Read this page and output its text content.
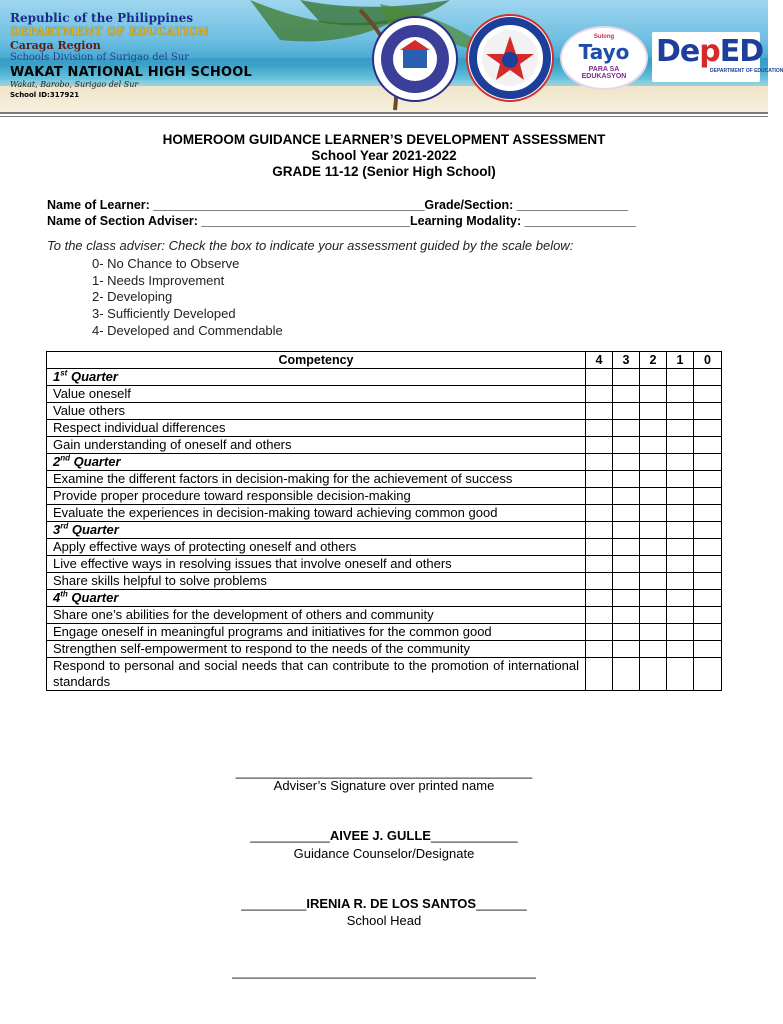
Republic of the Philippines
DEPARTMENT OF EDUCATION
Caraga Region
Schools Division of Surigao del Sur
WAKAT NATIONAL HIGH SCHOOL
Wakat, Barobo, Surigao del Sur
School ID:317921
Sulong
Tayo
PARA SA
EDUKASYON
DepED
DEPARTMENT OF EDUCATION
HOMEROOM GUIDANCE LEARNER’S DEVELOPMENT ASSESSMENT
School Year 2021-2022
GRADE 11-12 (Senior High School)
Name of Learner: _______________________________________Grade/Section: ________________
Name of Section Adviser: ______________________________Learning Modality: ________________
To the class adviser: Check the box to indicate your assessment guided by the scale below:
0- No Chance to Observe
1- Needs Improvement
2- Developing
3- Sufficiently Developed
4- Developed and Commendable
Competency	4	3	2	1	0
1st Quarter					
Value oneself					
Value others					
Respect individual differences					
Gain understanding of oneself and others					
2nd Quarter					
Examine the different factors in decision-making for the achievement of success					
Provide proper procedure toward responsible decision-making					
Evaluate the experiences in decision-making toward achieving common good					
3rd Quarter					
Apply effective ways of protecting oneself and others					
Live effective ways in resolving issues that involve oneself and others					
Share skills helpful to solve problems					
4th Quarter					
Share one’s abilities for the development of others and community					
Engage oneself in meaningful programs and initiatives for the common good					
Strengthen self-empowerment to respond to the needs of the community					
Respond to personal and social needs that can contribute to the promotion of international standards					
_________________________________________
Adviser’s Signature over printed name
___________AIVEE J. GULLE____________
Guidance Counselor/Designate
_________IRENIA R. DE LOS SANTOS_______
School Head
__________________________________________
